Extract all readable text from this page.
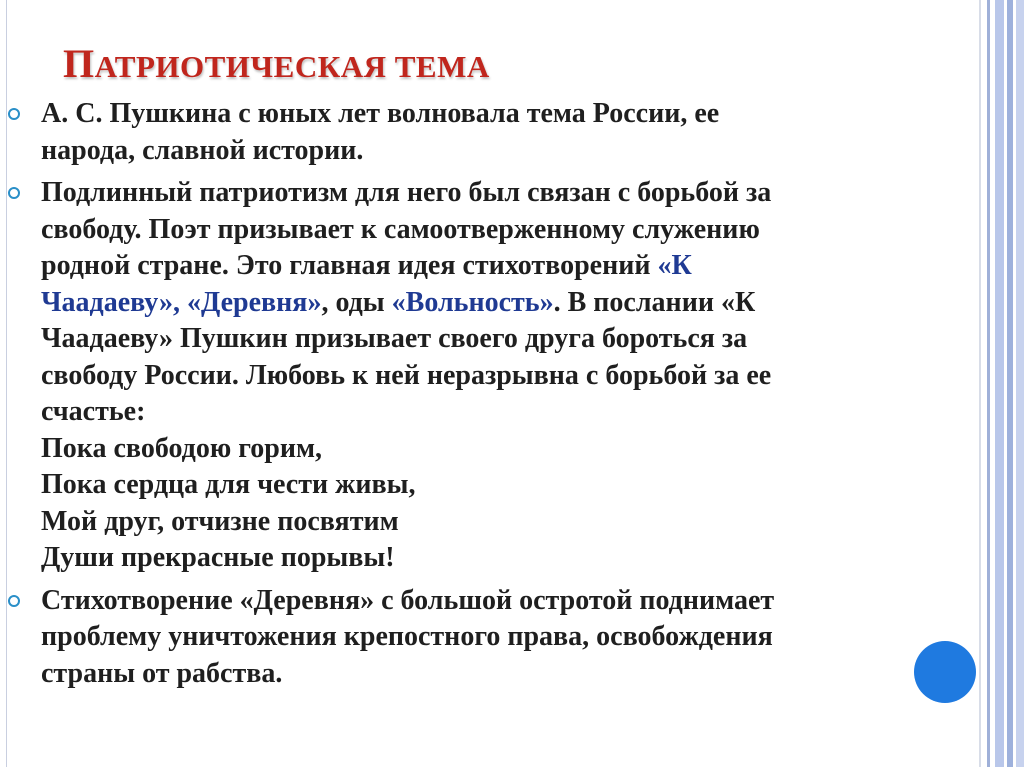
ПАТРИОТИЧЕСКАЯ ТЕМА
А. С. Пушкина с юных лет волновала тема России, ее
народа, славной истории.
Подлинный патриотизм для него был связан с борьбой за
свободу. Поэт призывает к самоотверженному служению
родной стране. Это главная идея стихотворений «К
Чаадаеву», «Деревня», оды «Вольность». В послании «К
Чаадаеву» Пушкин призывает своего друга бороться за
свободу России. Любовь к ней неразрывна с борьбой за ее
счастье:
Пока свободою горим,
Пока сердца для чести живы,
Мой друг, отчизне посвятим
Души прекрасные порывы!
Стихотворение «Деревня» с большой остротой поднимает
проблему уничтожения крепостного права, освобождения
страны от рабства.
